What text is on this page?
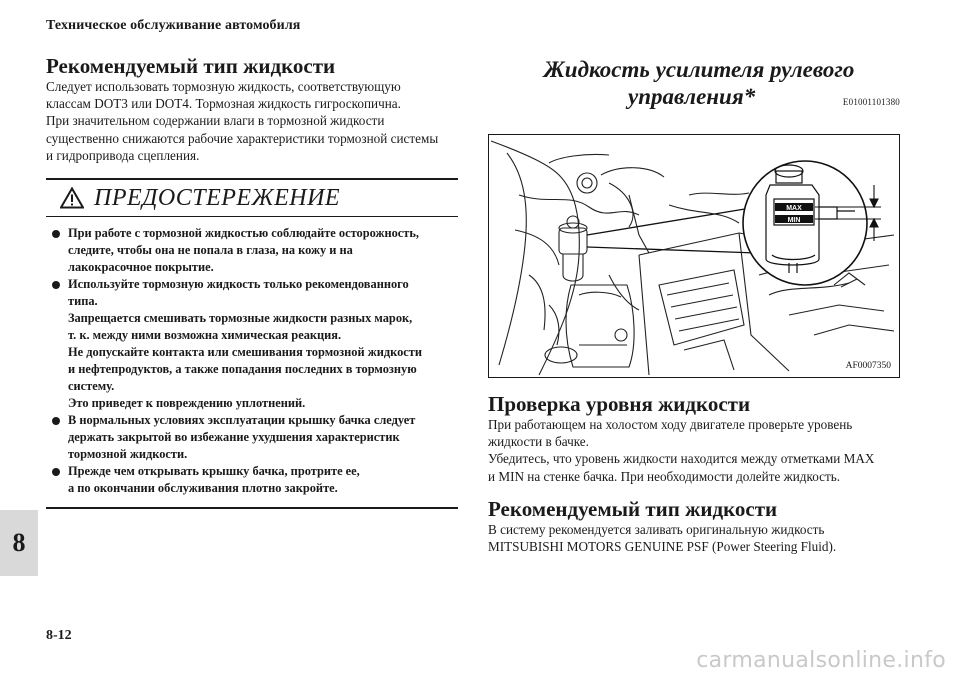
Техническое обслуживание автомобиля
Рекомендуемый тип жидкости

Следует использовать тормозную жидкость, соответствующую
классам DOT3 или DOT4. Тормозная жидкость гигроскопична.
При значительном содержании влаги в тормозной жидкости
существенно снижаются рабочие характеристики тормозной системы
и гидропривода сцепления.

ПРЕДОСТЕРЕЖЕНИЕ
При работе с тормозной жидкостью соблюдайте осторожность,
следите, чтобы она не попала в глаза, на кожу и на
лакокрасочное покрытие.
Используйте тормозную жидкость только рекомендованного
типа.
Запрещается смешивать тормозные жидкости разных марок,
т. к. между ними возможна химическая реакция.
Не допускайте контакта или смешивания тормозной жидкости
и нефтепродуктов, а также попадания последних в тормозную
систему.
Это приведет к повреждению уплотнений.
В нормальных условиях эксплуатации крышку бачка следует
держать закрытой во избежание ухудшения характеристик
тормозной жидкости.
Прежде чем открывать крышку бачка, протрите ее,
а по окончании обслуживания плотно закройте.

Жидкость усилителя рулевого

управления*	E01001101380
MAX
MIN
AF0007350
Проверка уровня жидкости

При работающем на холостом ходу двигателе проверьте уровень
жидкости в бачке.
Убедитесь, что уровень жидкости находится между отметками MAX
и MIN на стенке бачка. При необходимости долейте жидкость.

Рекомендуемый тип жидкости

В систему рекомендуется заливать оригинальную жидкость
MITSUBISHI MOTORS GENUINE PSF (Power Steering Fluid).

8
8-12
carmanualsonline.info
